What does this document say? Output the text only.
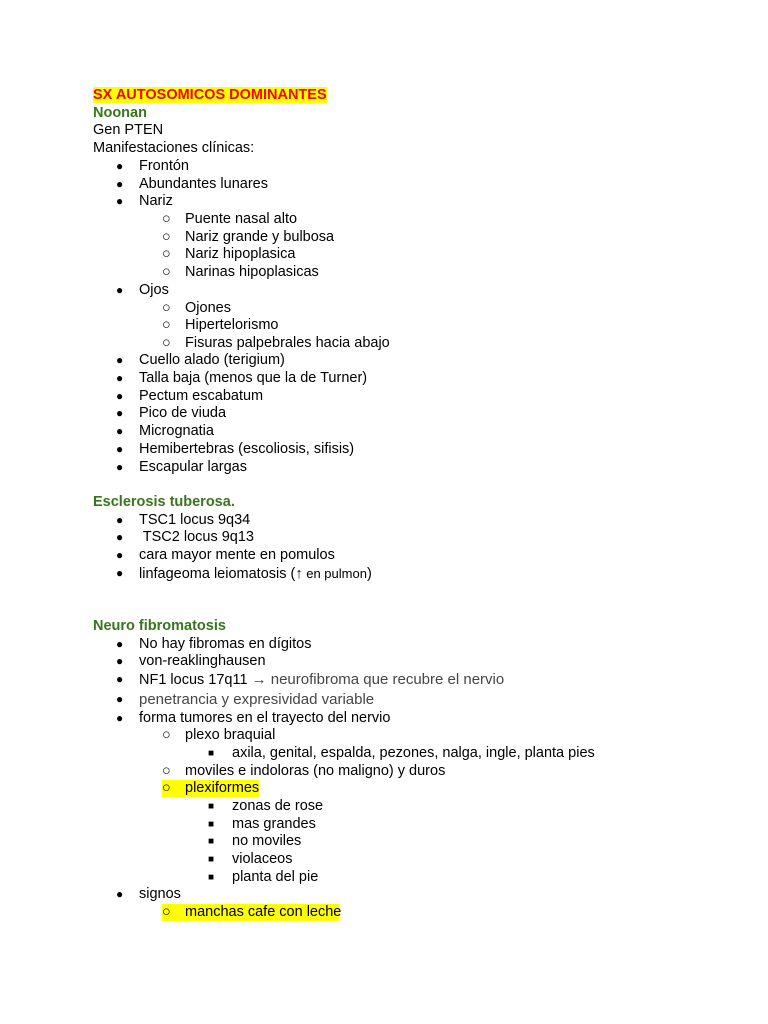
SX AUTOSOMICOS DOMINANTES
Noonan
Gen PTEN
Manifestaciones clínicas:
● Frontón
● Abundantes lunares
● Nariz
○ Puente nasal alto
○ Nariz grande y bulbosa
○ Nariz hipoplasica
○ Narinas hipoplasicas
● Ojos
○ Ojones
○ Hipertelorismo
○ Fisuras palpebrales hacia abajo
● Cuello alado (terigium)
● Talla baja (menos que la de Turner)
● Pectum escabatum
● Pico de viuda
● Micrognatia
● Hemibertebras (escoliosis, sifisis)
● Escapular largas
Esclerosis tuberosa.
● TSC1 locus 9q34
● TSC2 locus 9q13
● cara mayor mente en pomulos
● linfageoma leiomatosis (↑ en pulmon)
Neuro fibromatosis
● No hay fibromas en dígitos
● von-reaklinghausen
● NF1 locus 17q11 → neurofibroma que recubre el nervio
● penetrancia y expresividad variable
● forma tumores en el trayecto del nervio
○ plexo braquial
■ axila, genital, espalda, pezones, nalga, ingle, planta pies
○ moviles e indoloras (no maligno) y duros
○ plexiformes
■ zonas de rose
■ mas grandes
■ no moviles
■ violaceos
■ planta del pie
● signos
○ manchas cafe con leche
